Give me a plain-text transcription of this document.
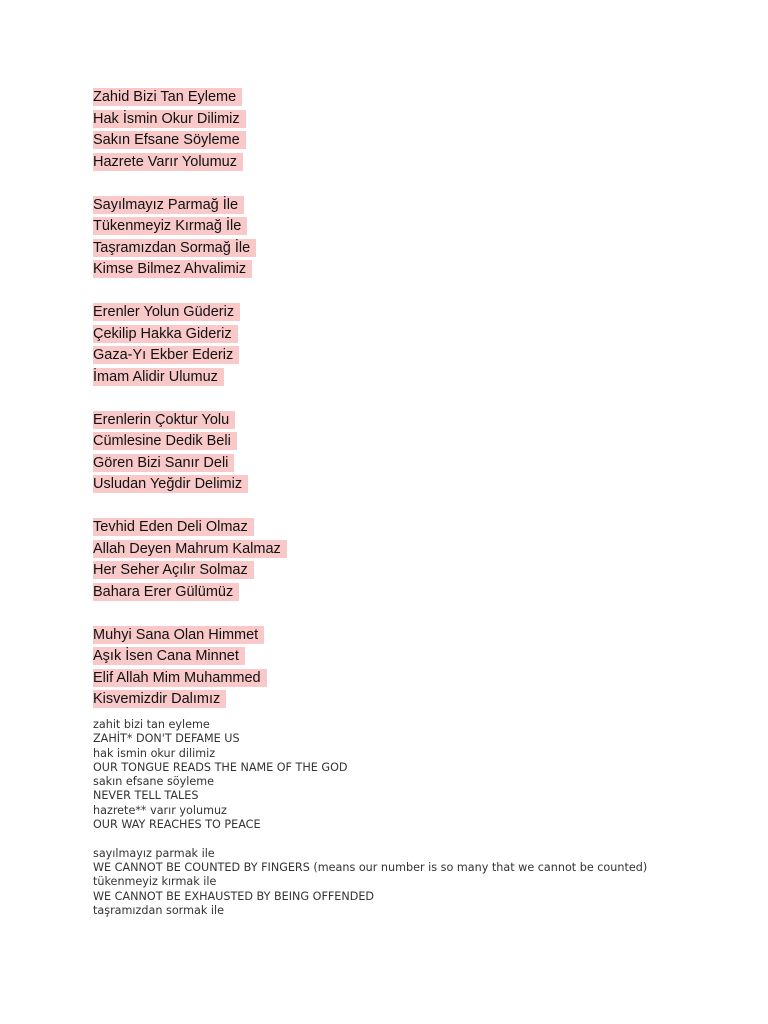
Zahid Bizi Tan Eyleme
Hak İsmin Okur Dilimiz
Sakın Efsane Söyleme
Hazrete Varır Yolumuz
Sayılmayız Parmağ İle
Tükenmeyiz Kırmağ İle
Taşramızdan Sormağ İle
Kimse Bilmez Ahvalimiz
Erenler Yolun Güderiz
Çekilip Hakka Gideriz
Gaza-Yı Ekber Ederiz
İmam Alidir Ulumuz
Erenlerin Çoktur Yolu
Cümlesine Dedik Beli
Gören Bizi Sanır Deli
Usludan Yeğdir Delimiz
Tevhid Eden Deli Olmaz
Allah Deyen Mahrum Kalmaz
Her Seher Açılır Solmaz
Bahara Erer Gülümüz
Muhyi Sana Olan Himmet
Aşık İsen Cana Minnet
Elif Allah Mim Muhammed
Kisvemizdir Dalımız
zahit bizi tan eyleme
ZAHİT* DON'T DEFAME US
hak ismin okur dilimiz
OUR TONGUE READS THE NAME OF THE GOD
sakın efsane söyleme
NEVER TELL TALES
hazrete** varır yolumuz
OUR WAY REACHES TO PEACE
sayılmayız parmak ile
WE CANNOT BE COUNTED BY FINGERS (means our number is so many that we cannot be counted)
tükenmeyiz kırmak ile
WE CANNOT BE EXHAUSTED BY BEING OFFENDED
taşramızdan sormak ile
